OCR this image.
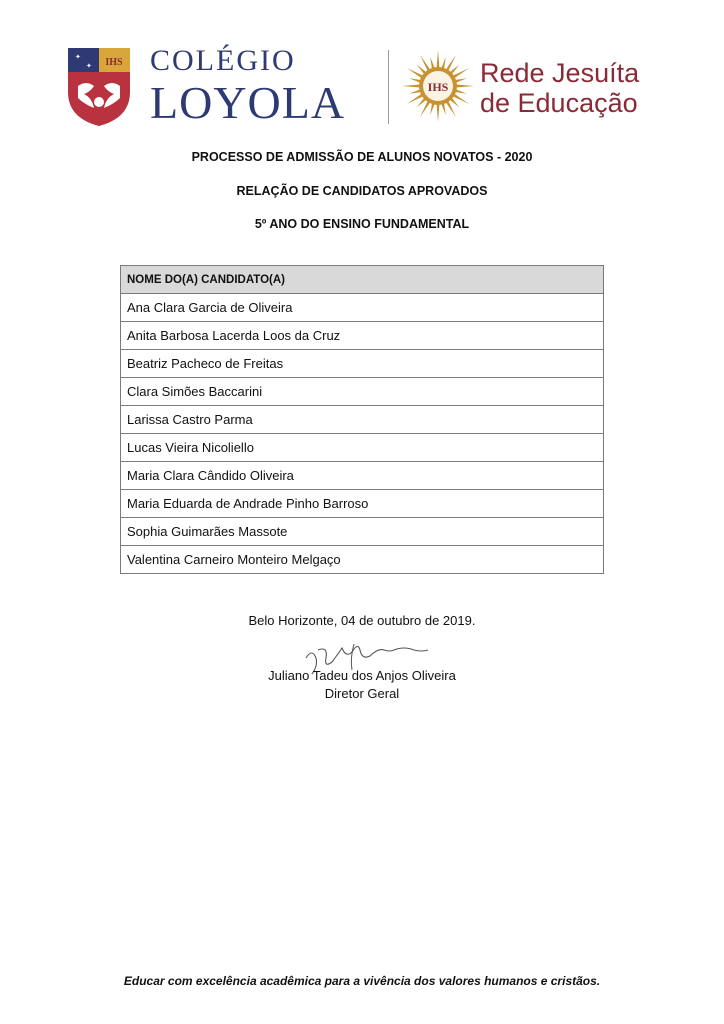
✦
✦ IHS COLÉGIO
LOYOLA	IHS Rede Jesuíta
de Educação
PROCESSO DE ADMISSÃO DE ALUNOS NOVATOS - 2020
RELAÇÃO DE CANDIDATOS APROVADOS
5º ANO DO ENSINO FUNDAMENTAL
NOME DO(A) CANDIDATO(A)
Ana Clara Garcia de Oliveira
Anita Barbosa Lacerda Loos da Cruz
Beatriz Pacheco de Freitas
Clara Simões Baccarini
Larissa Castro Parma
Lucas Vieira Nicoliello
Maria Clara Cândido Oliveira
Maria Eduarda de Andrade Pinho Barroso
Sophia Guimarães Massote
Valentina Carneiro Monteiro Melgaço
Belo Horizonte, 04 de outubro de 2019.
Juliano Tadeu dos Anjos Oliveira
Diretor Geral
Educar com excelência acadêmica para a vivência dos valores humanos e cristãos.
